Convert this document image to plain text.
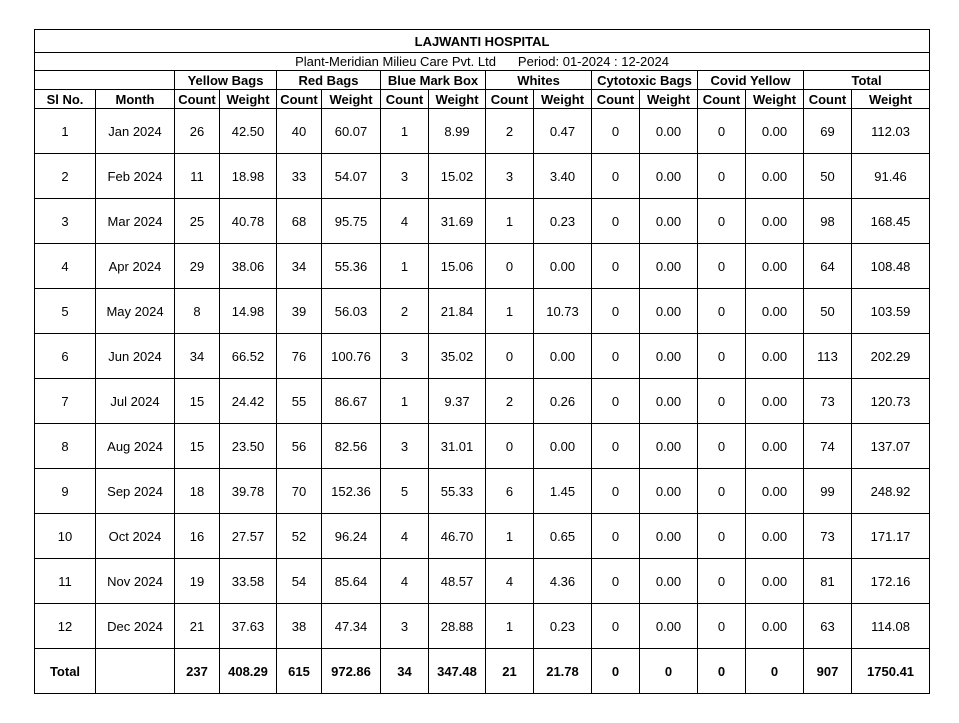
LAJWANTI HOSPITAL															
Plant-Meridian Milieu Care Pvt. Ltd Period: 01-2024 : 12-2024															
		Yellow Bags		Red Bags		Blue Mark Box		Whites		Cytotoxic Bags		Covid Yellow		Total	
Sl No.	Month	Count	Weight	Count	Weight	Count	Weight	Count	Weight	Count	Weight	Count	Weight	Count	Weight
1	Jan 2024	26	42.50	40	60.07	1	8.99	2	0.47	0	0.00	0	0.00	69	112.03
2	Feb 2024	11	18.98	33	54.07	3	15.02	3	3.40	0	0.00	0	0.00	50	91.46
3	Mar 2024	25	40.78	68	95.75	4	31.69	1	0.23	0	0.00	0	0.00	98	168.45
4	Apr 2024	29	38.06	34	55.36	1	15.06	0	0.00	0	0.00	0	0.00	64	108.48
5	May 2024	8	14.98	39	56.03	2	21.84	1	10.73	0	0.00	0	0.00	50	103.59
6	Jun 2024	34	66.52	76	100.76	3	35.02	0	0.00	0	0.00	0	0.00	113	202.29
7	Jul 2024	15	24.42	55	86.67	1	9.37	2	0.26	0	0.00	0	0.00	73	120.73
8	Aug 2024	15	23.50	56	82.56	3	31.01	0	0.00	0	0.00	0	0.00	74	137.07
9	Sep 2024	18	39.78	70	152.36	5	55.33	6	1.45	0	0.00	0	0.00	99	248.92
10	Oct 2024	16	27.57	52	96.24	4	46.70	1	0.65	0	0.00	0	0.00	73	171.17
11	Nov 2024	19	33.58	54	85.64	4	48.57	4	4.36	0	0.00	0	0.00	81	172.16
12	Dec 2024	21	37.63	38	47.34	3	28.88	1	0.23	0	0.00	0	0.00	63	114.08
Total		237	408.29	615	972.86	34	347.48	21	21.78	0	0	0	0	907	1750.41
